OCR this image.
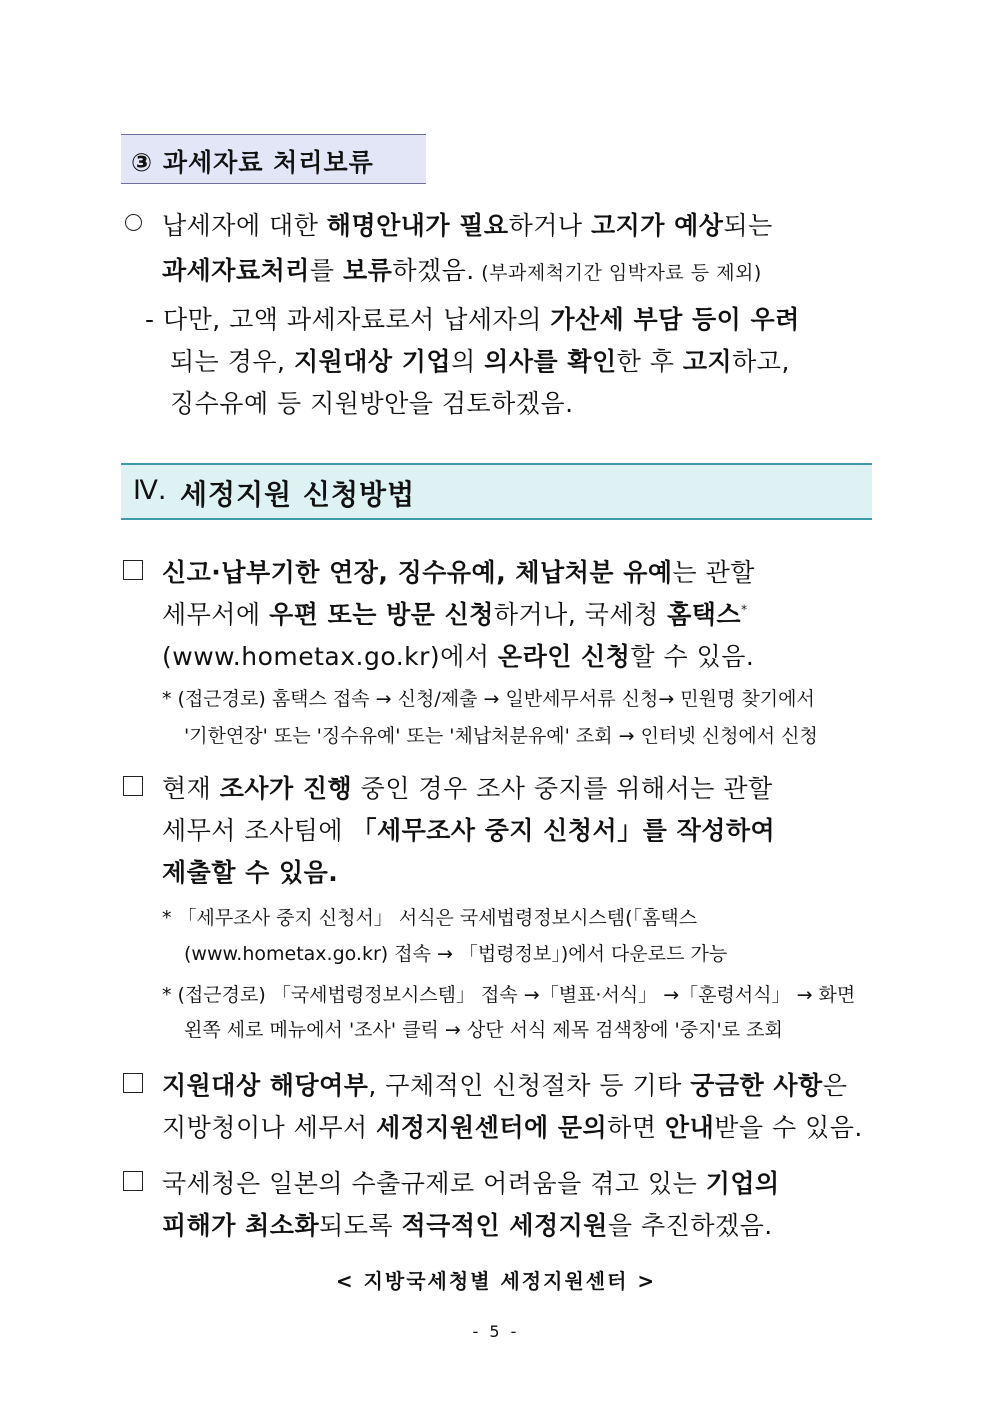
③ 과세자료 처리보류
납세자에 대한 해명안내가 필요하거나 고지가 예상되는
과세자료처리를 보류하겠음. (부과제척기간 임박자료 등 제외)
- 다만, 고액 과세자료로서 납세자의 가산세 부담 등이 우려
되는 경우, 지원대상 기업의 의사를 확인한 후 고지하고,
징수유예 등 지원방안을 검토하겠음.
Ⅳ. 세정지원 신청방법
신고·납부기한 연장, 징수유예, 체납처분 유예는 관할
세무서에 우편 또는 방문 신청하거나, 국세청 홈택스*
(www.hometax.go.kr)에서 온라인 신청할 수 있음.
* (접근경로) 홈택스 접속 → 신청/제출 → 일반세무서류 신청→ 민원명 찾기에서
'기한연장' 또는 '징수유예' 또는 '체납처분유예' 조회 → 인터넷 신청에서 신청
현재 조사가 진행 중인 경우 조사 중지를 위해서는 관할
세무서 조사팀에 「세무조사 중지 신청서」를 작성하여
제출할 수 있음.
* 「세무조사 중지 신청서」 서식은 국세법령정보시스템(「홈택스
(www.hometax.go.kr) 접속 → 「법령정보」)에서 다운로드 가능
* (접근경로) 「국세법령정보시스템」 접속 →「별표·서식」 →「훈령서식」 → 화면
왼쪽 세로 메뉴에서 '조사' 클릭 → 상단 서식 제목 검색창에 '중지'로 조회
지원대상 해당여부, 구체적인 신청절차 등 기타 궁금한 사항은
지방청이나 세무서 세정지원센터에 문의하면 안내받을 수 있음.
국세청은 일본의 수출규제로 어려움을 겪고 있는 기업의
피해가 최소화되도록 적극적인 세정지원을 추진하겠음.
< 지방국세청별 세정지원센터 >
- 5 -
